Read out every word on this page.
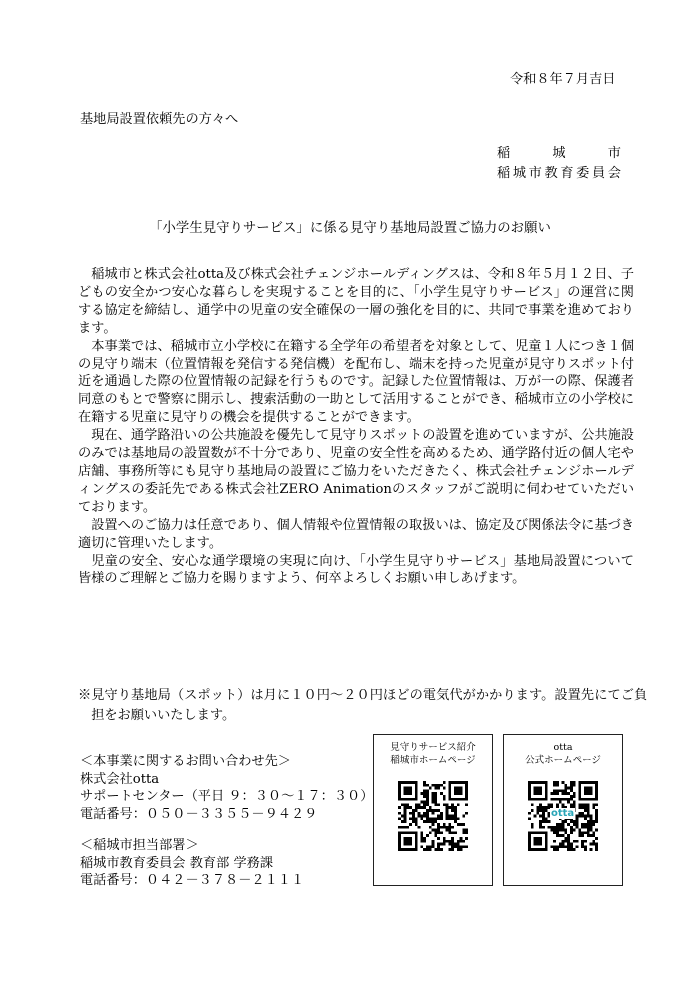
令和８年７月吉日
基地局設置依頼先の方々へ
稲城市
稲城市教育委員会
「小学生見守りサービス」に係る見守り基地局設置ご協力のお願い

稲城市と株式会社otta及び株式会社チェンジホールディングスは、令和８年５月１２日、子どもの安全かつ安心な暮らしを実現することを目的に、「小学生見守りサービス」の運営に関する協定を締結し、通学中の児童の安全確保の一層の強化を目的に、共同で事業を進めております。

本事業では、稲城市立小学校に在籍する全学年の希望者を対象として、児童１人につき１個の見守り端末（位置情報を発信する発信機）を配布し、端末を持った児童が見守りスポット付近を通過した際の位置情報の記録を行うものです。記録した位置情報は、万が一の際、保護者同意のもとで警察に開示し、捜索活動の一助として活用することができ、稲城市立の小学校に在籍する児童に見守りの機会を提供することができます。

現在、通学路沿いの公共施設を優先して見守りスポットの設置を進めていますが、公共施設のみでは基地局の設置数が不十分であり、児童の安全性を高めるため、通学路付近の個人宅や店舗、事務所等にも見守り基地局の設置にご協力をいただきたく、株式会社チェンジホールディングスの委託先である株式会社ZERO Animationのスタッフがご説明に伺わせていただいております。

設置へのご協力は任意であり、個人情報や位置情報の取扱いは、協定及び関係法令に基づき適切に管理いたします。

児童の安全、安心な通学環境の実現に向け、「小学生見守りサービス」基地局設置について皆様のご理解とご協力を賜りますよう、何卒よろしくお願い申しあげます。

※見守り基地局（スポット）は月に１０円～２０円ほどの電気代がかかります。設置先にてご負担をお願いいたします。

＜本事業に関するお問い合わせ先＞
株式会社otta
サポートセンター（平日 ９：３０～１７：３０）
電話番号：０５０－３３５５－９４２９
＜稲城市担当部署＞
稲城市教育委員会 教育部 学務課
電話番号：０４２－３７８－２１１１
見守りサービス紹介
稲城市ホームページ
otta
公式ホームページ
otta
